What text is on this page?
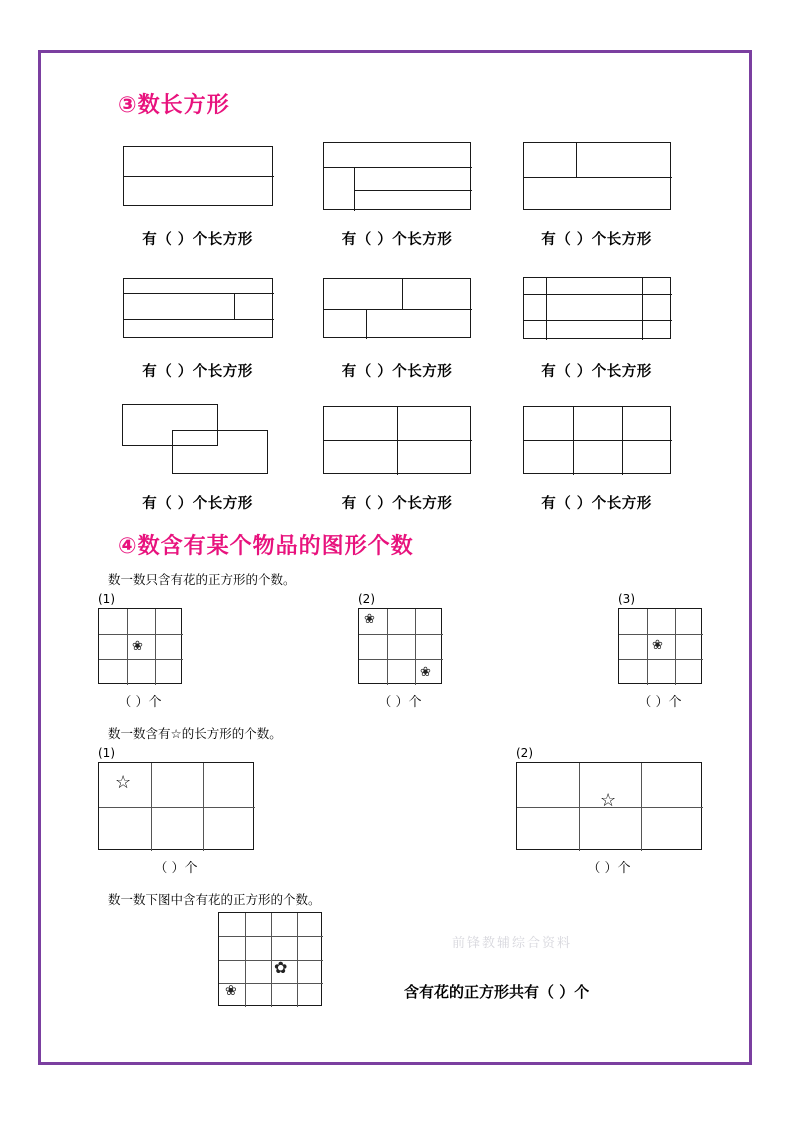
③数长方形
有（ ）个长方形	有（ ）个长方形	有（ ）个长方形
有（ ）个长方形	有（ ）个长方形	有（ ）个长方形
有（ ）个长方形	有（ ）个长方形	有（ ）个长方形
④数含有某个物品的图形个数
数一数只含有花的正方形的个数。
(1)
❀
（ ）个
(2)
❀
❀
（ ）个
(3)
❀
（ ）个
数一数含有☆的长方形的个数。
(1)
☆
（ ）个
(2)
☆
（ ）个
数一数下图中含有花的正方形的个数。
✿
❀	含有花的正方形共有（ ）个
前锋教辅综合资料
